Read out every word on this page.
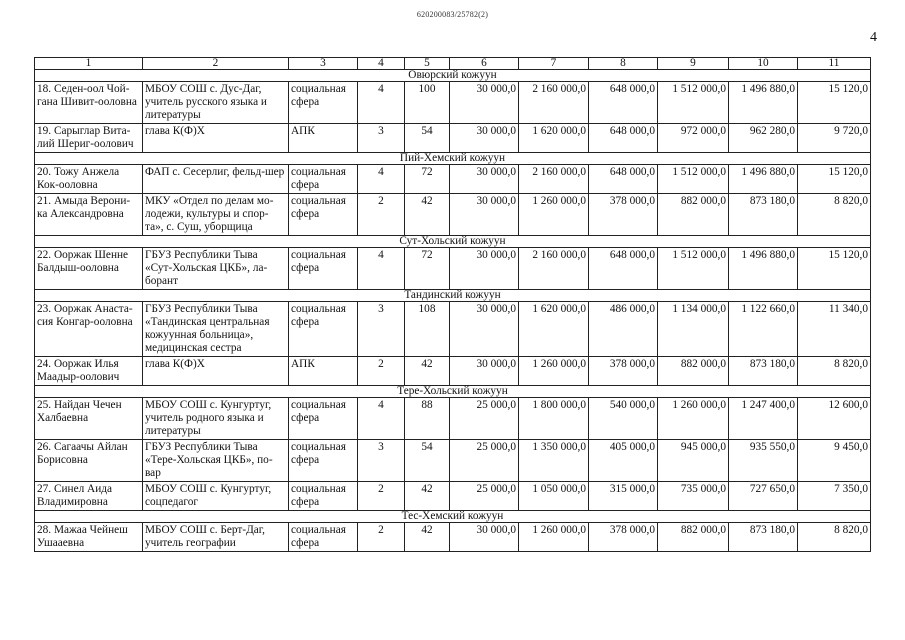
620200083/25782(2)
4
1	2	3	4	5	6	7	8	9	10	11
Овюрский кожуун										
18. Седен-оол Чой-гана Шивит-ооловна	МБОУ СОШ с. Дус-Даг, учитель русского языка и литературы	социальная сфера	4	100	30 000,0	2 160 000,0	648 000,0	1 512 000,0	1 496 880,0	15 120,0
19. Сарыглар Вита-лий Шериг-оолович	глава К(Ф)Х	АПК	3	54	30 000,0	1 620 000,0	648 000,0	972 000,0	962 280,0	9 720,0
Пий-Хемский кожуун										
20. Тожу Анжела Кок-ооловна	ФАП с. Сесерлиг, фельд-шер	социальная сфера	4	72	30 000,0	2 160 000,0	648 000,0	1 512 000,0	1 496 880,0	15 120,0
21. Амыда Верони-ка Александровна	МКУ «Отдел по делам мо-лодежи, культуры и спор-та», с. Суш, уборщица	социальная сфера	2	42	30 000,0	1 260 000,0	378 000,0	882 000,0	873 180,0	8 820,0
Сут-Хольский кожуун										
22. Ооржак Шенне Балдыш-ооловна	ГБУЗ Республики Тыва «Сут-Хольская ЦКБ», ла-борант	социальная сфера	4	72	30 000,0	2 160 000,0	648 000,0	1 512 000,0	1 496 880,0	15 120,0
Тандинский кожуун										
23. Ооржак Анаста-сия Конгар-ооловна	ГБУЗ Республики Тыва «Тандинская центральная кожуунная больница», медицинская сестра	социальная сфера	3	108	30 000,0	1 620 000,0	486 000,0	1 134 000,0	1 122 660,0	11 340,0
24. Ооржак Илья Маадыр-оолович	глава К(Ф)Х	АПК	2	42	30 000,0	1 260 000,0	378 000,0	882 000,0	873 180,0	8 820,0
Тере-Хольский кожуун										
25. Найдан Чечен Халбаевна	МБОУ СОШ с. Кунгуртуг, учитель родного языка и литературы	социальная сфера	4	88	25 000,0	1 800 000,0	540 000,0	1 260 000,0	1 247 400,0	12 600,0
26. Сагаачы Айлан Борисовна	ГБУЗ Республики Тыва «Тере-Хольская ЦКБ», по-вар	социальная сфера	3	54	25 000,0	1 350 000,0	405 000,0	945 000,0	935 550,0	9 450,0
27. Синел Аида Владимировна	МБОУ СОШ с. Кунгуртуг, соцпедагог	социальная сфера	2	42	25 000,0	1 050 000,0	315 000,0	735 000,0	727 650,0	7 350,0
Тес-Хемский кожуун										
28. Мажаа Чейнеш Ушааевна	МБОУ СОШ с. Берт-Даг, учитель географии	социальная сфера	2	42	30 000,0	1 260 000,0	378 000,0	882 000,0	873 180,0	8 820,0
